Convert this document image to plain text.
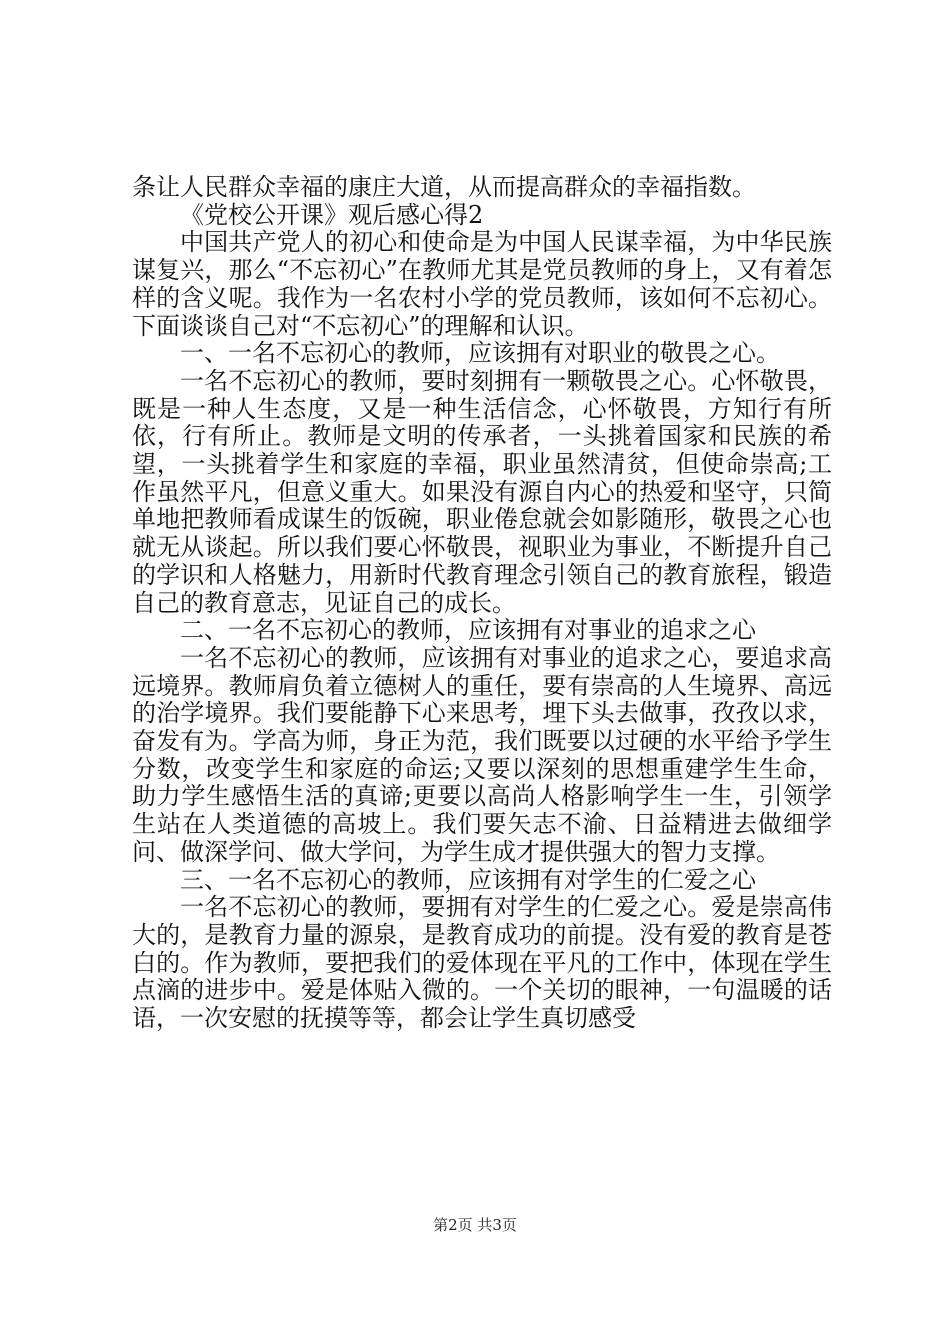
条让人民群众幸福的康庄大道，从而提高群众的幸福指数。

《党校公开课》观后感心得2

中国共产党人的初心和使命是为中国人民谋幸福，为中华民族谋复兴，那么“不忘初心”在教师尤其是党员教师的身上，又有着怎样的含义呢。我作为一名农村小学的党员教师，该如何不忘初心。下面谈谈自己对“不忘初心”的理解和认识。

一、一名不忘初心的教师，应该拥有对职业的敬畏之心。

一名不忘初心的教师，要时刻拥有一颗敬畏之心。心怀敬畏，既是一种人生态度，又是一种生活信念，心怀敬畏，方知行有所依，行有所止。教师是文明的传承者，一头挑着国家和民族的希望，一头挑着学生和家庭的幸福，职业虽然清贫，但使命崇高;工作虽然平凡，但意义重大。如果没有源自内心的热爱和坚守，只简单地把教师看成谋生的饭碗，职业倦怠就会如影随形，敬畏之心也就无从谈起。所以我们要心怀敬畏，视职业为事业，不断提升自己的学识和人格魅力，用新时代教育理念引领自己的教育旅程，锻造自己的教育意志，见证自己的成长。

二、一名不忘初心的教师，应该拥有对事业的追求之心

一名不忘初心的教师，应该拥有对事业的追求之心，要追求高远境界。教师肩负着立德树人的重任，要有崇高的人生境界、高远的治学境界。我们要能静下心来思考，埋下头去做事，孜孜以求，奋发有为。学高为师，身正为范，我们既要以过硬的水平给予学生分数，改变学生和家庭的命运;又要以深刻的思想重建学生生命，助力学生感悟生活的真谛;更要以高尚人格影响学生一生，引领学生站在人类道德的高坡上。我们要矢志不渝、日益精进去做细学问、做深学问、做大学问，为学生成才提供强大的智力支撑。

三、一名不忘初心的教师，应该拥有对学生的仁爱之心

一名不忘初心的教师，要拥有对学生的仁爱之心。爱是崇高伟大的，是教育力量的源泉，是教育成功的前提。没有爱的教育是苍白的。作为教师，要把我们的爱体现在平凡的工作中，体现在学生点滴的进步中。爱是体贴入微的。一个关切的眼神，一句温暖的话语，一次安慰的抚摸等等，都会让学生真切感受

第2页 共3页
